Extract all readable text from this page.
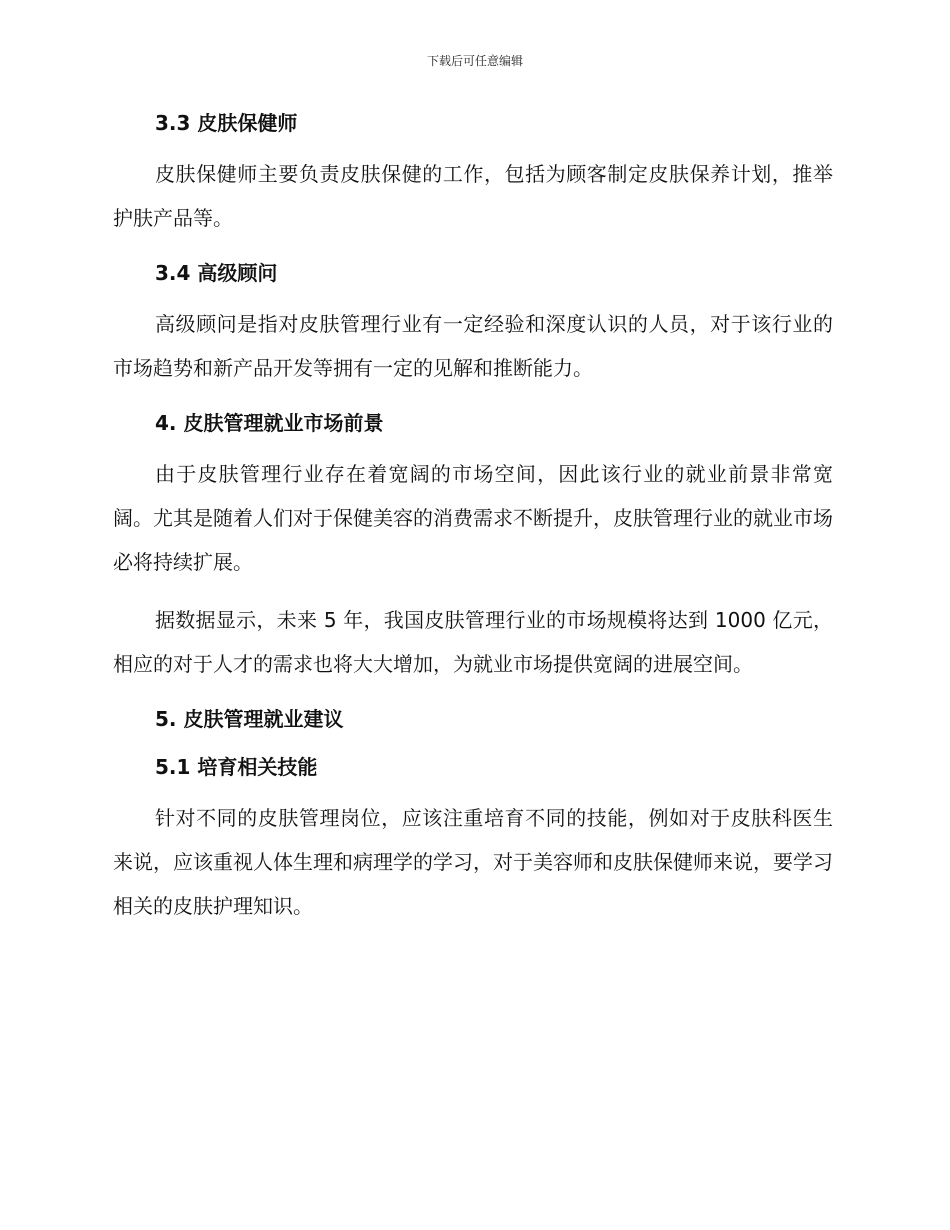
下载后可任意编辑
3.3 皮肤保健师

皮肤保健师主要负责皮肤保健的工作，包括为顾客制定皮肤保养计划，推举护肤产品等。

3.4 高级顾问

高级顾问是指对皮肤管理行业有一定经验和深度认识的人员，对于该行业的市场趋势和新产品开发等拥有一定的见解和推断能力。

4. 皮肤管理就业市场前景

由于皮肤管理行业存在着宽阔的市场空间，因此该行业的就业前景非常宽阔。尤其是随着人们对于保健美容的消费需求不断提升，皮肤管理行业的就业市场必将持续扩展。

据数据显示，未来 5 年，我国皮肤管理行业的市场规模将达到 1000 亿元，相应的对于人才的需求也将大大增加，为就业市场提供宽阔的进展空间。

5. 皮肤管理就业建议
5.1 培育相关技能

针对不同的皮肤管理岗位，应该注重培育不同的技能，例如对于皮肤科医生来说，应该重视人体生理和病理学的学习，对于美容师和皮肤保健师来说，要学习相关的皮肤护理知识。
